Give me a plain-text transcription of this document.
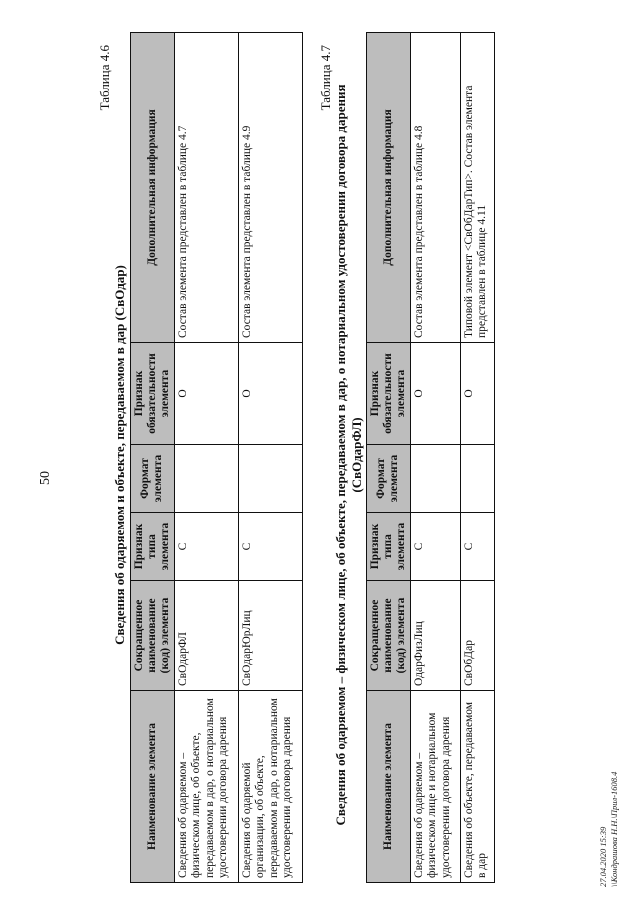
50
Таблица 4.6
Сведения об одаряемом и объекте, передаваемом в дар (СвОдар)
Наименование элемента	Сокращенное наименование (код) элемента	Признак типа элемента	Формат элемента	Признак обязательности элемента	Дополнительная информация
Сведения об одаряемом – физическом лице, об объекте, передаваемом в дар, о нотариальном удостоверении договора дарения	СвОдарФЛ	С		О	Состав элемента представлен в таблице 4.7
Сведения об одаряемой организации, об объекте, передаваемом в дар, о нотариальном удостоверении договора дарения	СвОдарЮрЛиц	С		О	Состав элемента представлен в таблице 4.9
Таблица 4.7
Сведения об одаряемом – физическом лице, об объекте, передаваемом в дар, о нотариальном удостоверении договора дарения (СвОдарФЛ)
Наименование элемента	Сокращенное наименование (код) элемента	Признак типа элемента	Формат элемента	Признак обязательности элемента	Дополнительная информация
Сведения об одаряемом – физическом лице и нотариальном удостоверении договора дарения	ОдарФизЛиц	С		О	Состав элемента представлен в таблице 4.8
Сведения об объекте, передаваемом в дар	СвОбДар	С		О	Типовой элемент <СвОбДарТип>. Состав элемента представлен в таблице 4.11
27.04.2020 15:39 \\Кондрашова Н.Н.\Прил-1608.4
